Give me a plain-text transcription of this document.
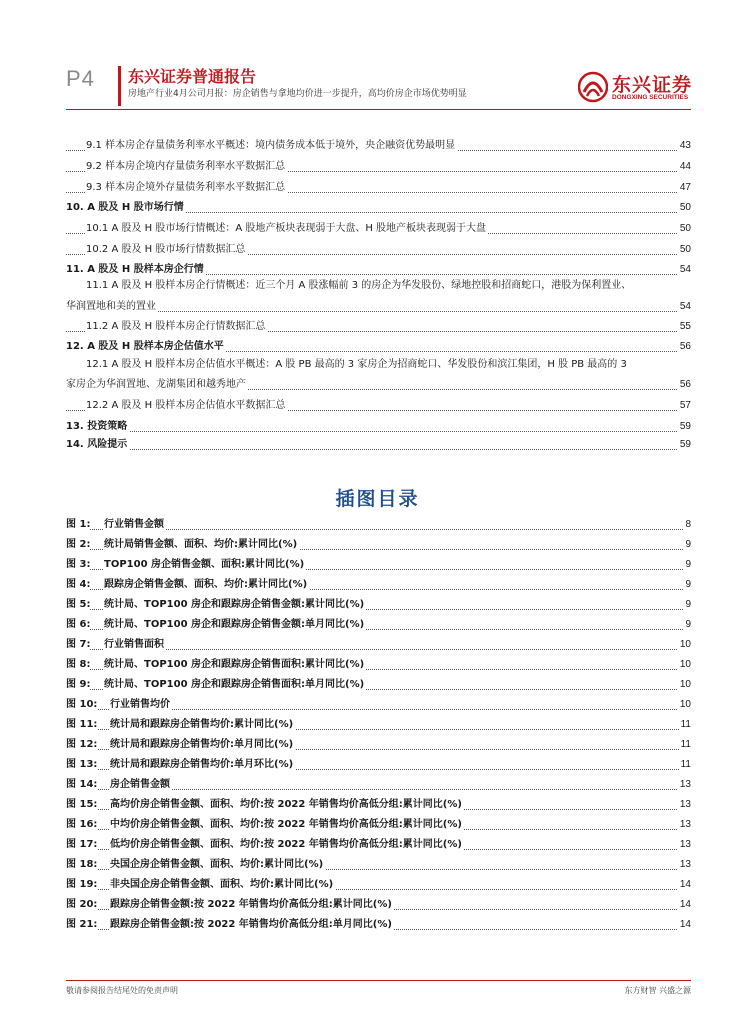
P4 东兴证券普通报告
房地产行业4月公司月报：房企销售与拿地均价进一步提升，高均价房企市场优势明显	东兴证券
DONGXING SECURITIES
9.1 样本房企存量债务利率水平概述：境内债务成本低于境外，央企融资优势最明显	43
9.2 样本房企境内存量债务利率水平数据汇总	44
9.3 样本房企境外存量债务利率水平数据汇总	47
10. A 股及 H 股市场行情	50
10.1 A 股及 H 股市场行情概述：A 股地产板块表现弱于大盘、H 股地产板块表现弱于大盘	50
10.2 A 股及 H 股市场行情数据汇总	50
11. A 股及 H 股样本房企行情	54
11.1 A 股及 H 股样本房企行情概述：近三个月 A 股涨幅前 3 的房企为华发股份、绿地控股和招商蛇口，港股为保利置业、
华润置地和美的置业	54
11.2 A 股及 H 股样本房企行情数据汇总	55
12. A 股及 H 股样本房企估值水平	56
12.1 A 股及 H 股样本房企估值水平概述：A 股 PB 最高的 3 家房企为招商蛇口、华发股份和滨江集团，H 股 PB 最高的 3
家房企为华润置地、龙湖集团和越秀地产	56
12.2 A 股及 H 股样本房企估值水平数据汇总	57
13. 投资策略	59
14. 风险提示	59
插图目录
图 1: 行业销售金额	8
图 2: 统计局销售金额、面积、均价:累计同比(%)	9
图 3: TOP100 房企销售金额、面积:累计同比(%)	9
图 4: 跟踪房企销售金额、面积、均价:累计同比(%)	9
图 5: 统计局、TOP100 房企和跟踪房企销售金额:累计同比(%)	9
图 6: 统计局、TOP100 房企和跟踪房企销售金额:单月同比(%)	9
图 7: 行业销售面积	10
图 8: 统计局、TOP100 房企和跟踪房企销售面积:累计同比(%)	10
图 9: 统计局、TOP100 房企和跟踪房企销售面积:单月同比(%)	10
图 10: 行业销售均价	10
图 11: 统计局和跟踪房企销售均价:累计同比(%)	11
图 12: 统计局和跟踪房企销售均价:单月同比(%)	11
图 13: 统计局和跟踪房企销售均价:单月环比(%)	11
图 14: 房企销售金额	13
图 15: 高均价房企销售金额、面积、均价:按 2022 年销售均价高低分组:累计同比(%)	13
图 16: 中均价房企销售金额、面积、均价:按 2022 年销售均价高低分组:累计同比(%)	13
图 17: 低均价房企销售金额、面积、均价:按 2022 年销售均价高低分组:累计同比(%)	13
图 18: 央国企房企销售金额、面积、均价:累计同比(%)	13
图 19: 非央国企房企销售金额、面积、均价:累计同比(%)	14
图 20: 跟踪房企销售金额:按 2022 年销售均价高低分组:累计同比(%)	14
图 21: 跟踪房企销售金额:按 2022 年销售均价高低分组:单月同比(%)	14
敬请参阅报告结尾处的免责声明	东方财智 兴盛之源
